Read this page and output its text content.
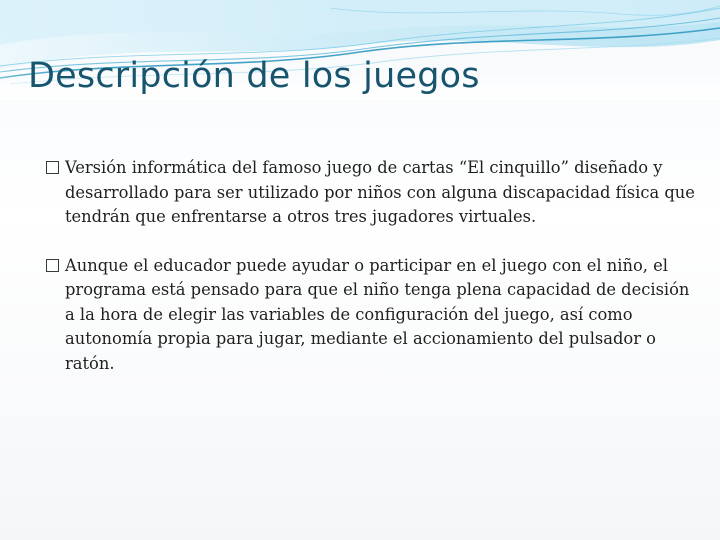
Descripción de los juegos
Versión informática del famoso juego de cartas “El cinquillo” diseñado y desarrollado para ser utilizado por niños con alguna discapacidad física que tendrán que enfrentarse a otros tres jugadores virtuales.
Aunque el educador puede ayudar o participar en el juego con el niño, el programa está pensado para que el niño tenga plena capacidad de decisión a la hora de elegir las variables de configuración del juego, así como autonomía propia para jugar, mediante el accionamiento del pulsador o ratón.
